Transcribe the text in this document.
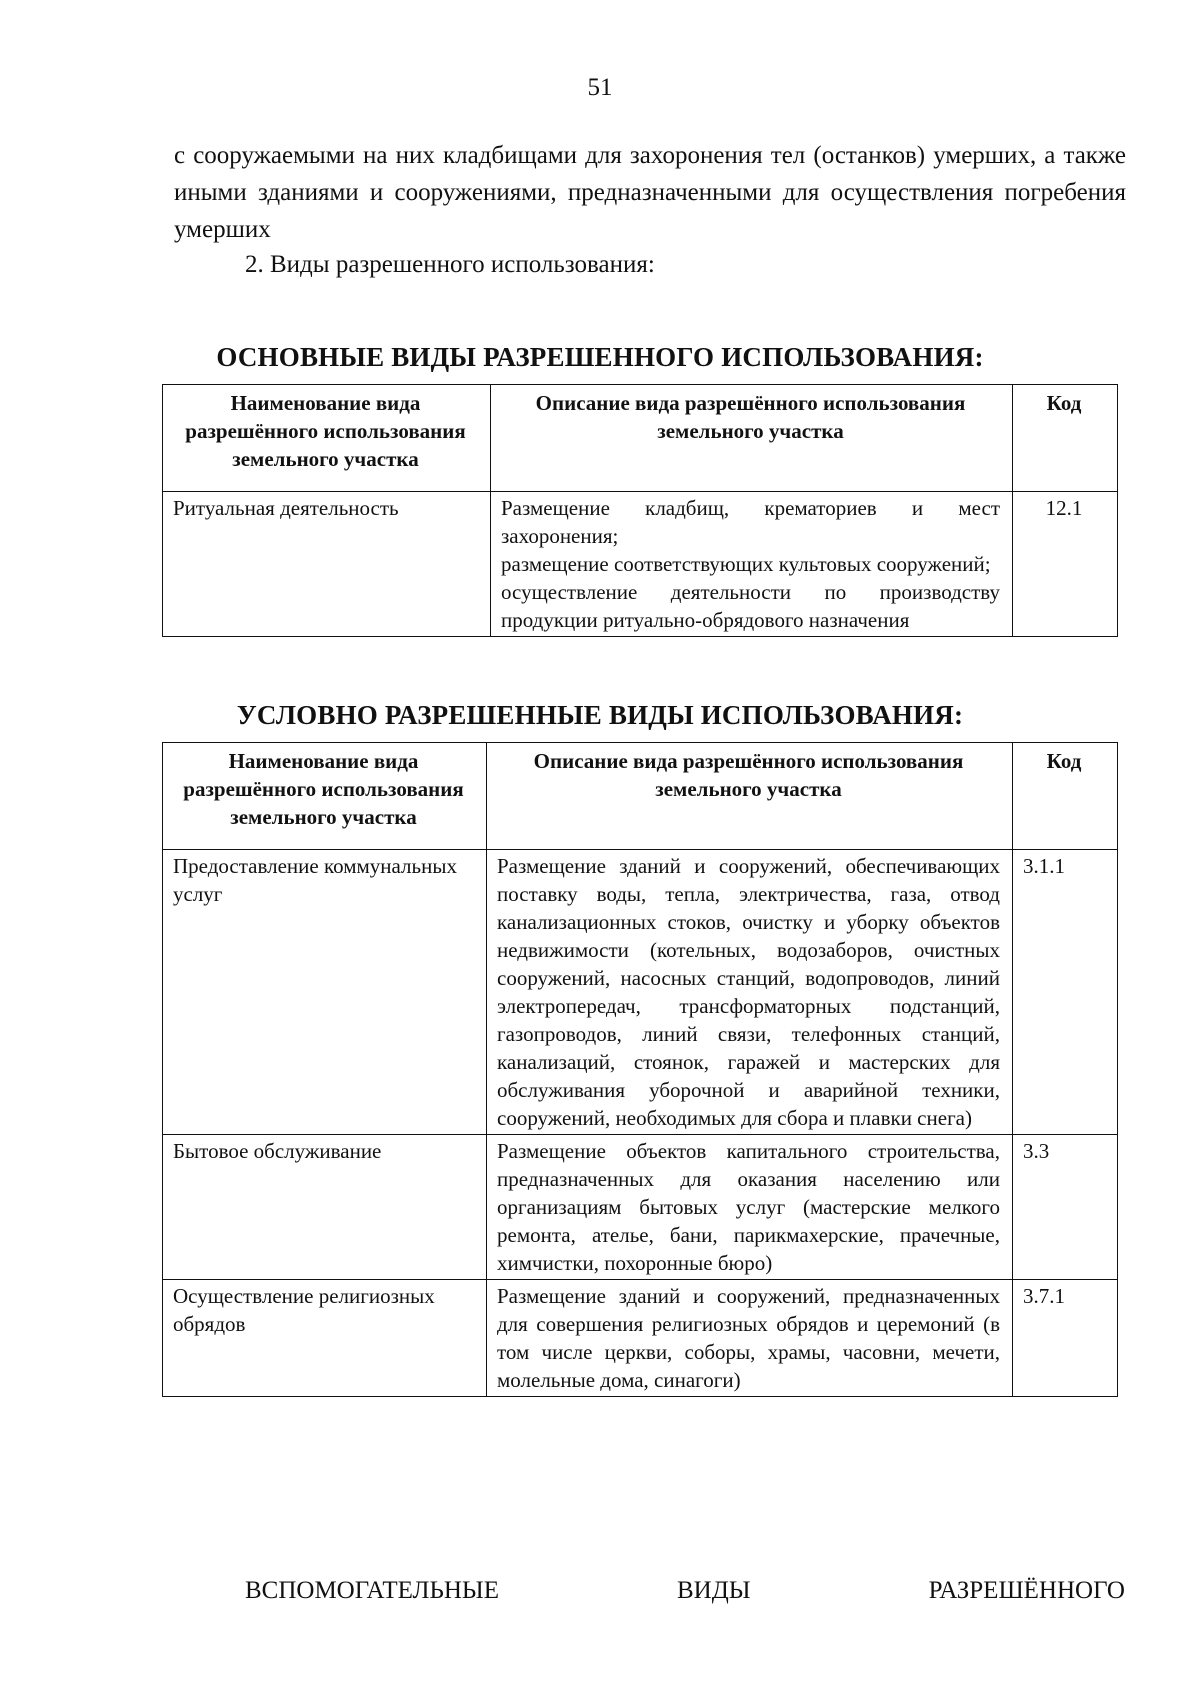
51

с сооружаемыми на них кладбищами для захоронения тел (останков) умерших, а также иными зданиями и сооружениями, предназначенными для осуществления погребения умерших

2. Виды разрешенного использования:

ОСНОВНЫЕ ВИДЫ РАЗРЕШЕННОГО ИСПОЛЬЗОВАНИЯ:
Наименование вида разрешённого использования земельного участка	Описание вида разрешённого использования земельного участка	Код
Ритуальная деятельность	Размещение кладбищ, крематориев и мест захоронения;
размещение соответствующих культовых сооружений;
осуществление деятельности по производству продукции ритуально-обрядового назначения	12.1
УСЛОВНО РАЗРЕШЕННЫЕ ВИДЫ ИСПОЛЬЗОВАНИЯ:
Наименование вида разрешённого использования земельного участка	Описание вида разрешённого использования земельного участка	Код
Предоставление коммунальных услуг	Размещение зданий и сооружений, обеспечивающих поставку воды, тепла, электричества, газа, отвод канализационных стоков, очистку и уборку объектов недвижимости (котельных, водозаборов, очистных сооружений, насосных станций, водопроводов, линий электропередач, трансформаторных подстанций, газопроводов, линий связи, телефонных станций, канализаций, стоянок, гаражей и мастерских для обслуживания уборочной и аварийной техники, сооружений, необходимых для сбора и плавки снега)	3.1.1
Бытовое обслуживание	Размещение объектов капитального строительства, предназначенных для оказания населению или организациям бытовых услуг (мастерские мелкого ремонта, ателье, бани, парикмахерские, прачечные, химчистки, похоронные бюро)	3.3
Осуществление религиозных обрядов	Размещение зданий и сооружений, предназначенных для совершения религиозных обрядов и церемоний (в том числе церкви, соборы, храмы, часовни, мечети, молельные дома, синагоги)	3.7.1
ВСПОМОГАТЕЛЬНЫЕ	ВИДЫ	РАЗРЕШЁННОГО
